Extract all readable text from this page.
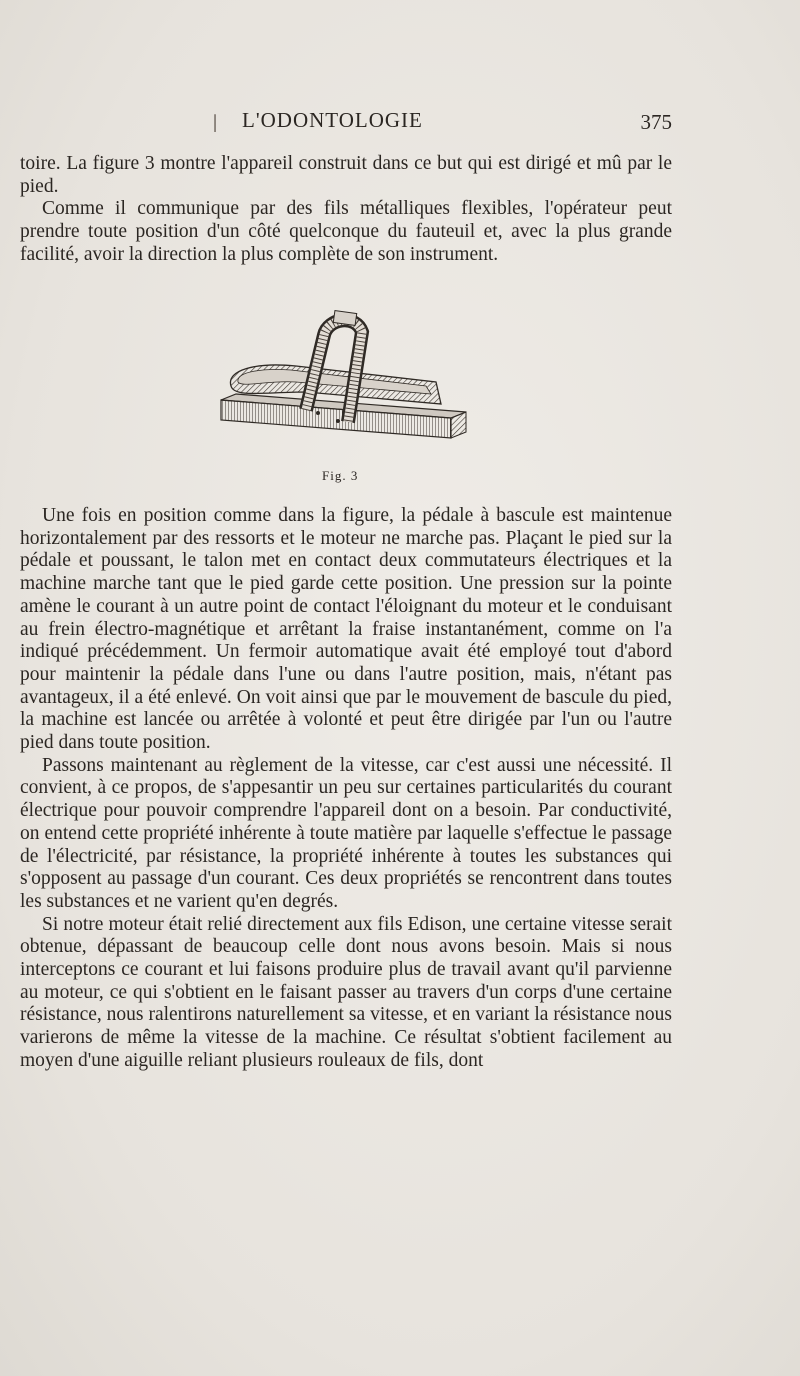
| L'ODONTOLOGIE	375

toire. La figure 3 montre l'appareil construit dans ce but qui est dirigé et mû par le pied.

Comme il communique par des fils métalliques flexibles, l'opérateur peut prendre toute position d'un côté quelconque du fauteuil et, avec la plus grande facilité, avoir la direction la plus complète de son instrument.

Fig. 3

Une fois en position comme dans la figure, la pédale à bascule est maintenue horizontalement par des ressorts et le moteur ne marche pas. Plaçant le pied sur la pédale et poussant, le talon met en contact deux commutateurs électriques et la machine marche tant que le pied garde cette position. Une pression sur la pointe amène le courant à un autre point de contact l'éloignant du moteur et le conduisant au frein électro-magnétique et arrêtant la fraise instantanément, comme on l'a indiqué précédemment. Un fermoir automatique avait été employé tout d'abord pour maintenir la pédale dans l'une ou dans l'autre position, mais, n'étant pas avantageux, il a été enlevé. On voit ainsi que par le mouvement de bascule du pied, la machine est lancée ou arrêtée à volonté et peut être dirigée par l'un ou l'autre pied dans toute position.

Passons maintenant au règlement de la vitesse, car c'est aussi une nécessité. Il convient, à ce propos, de s'appesantir un peu sur certaines particularités du courant électrique pour pouvoir comprendre l'appareil dont on a besoin. Par conductivité, on entend cette propriété inhérente à toute matière par laquelle s'effectue le passage de l'électricité, par résistance, la propriété inhérente à toutes les substances qui s'opposent au passage d'un courant. Ces deux propriétés se rencontrent dans toutes les substances et ne varient qu'en degrés.

Si notre moteur était relié directement aux fils Edison, une certaine vitesse serait obtenue, dépassant de beaucoup celle dont nous avons besoin. Mais si nous interceptons ce courant et lui faisons produire plus de travail avant qu'il parvienne au moteur, ce qui s'obtient en le faisant passer au travers d'un corps d'une certaine résistance, nous ralentirons naturellement sa vitesse, et en variant la résistance nous varierons de même la vitesse de la machine. Ce résultat s'obtient facilement au moyen d'une aiguille reliant plusieurs rouleaux de fils, dont
